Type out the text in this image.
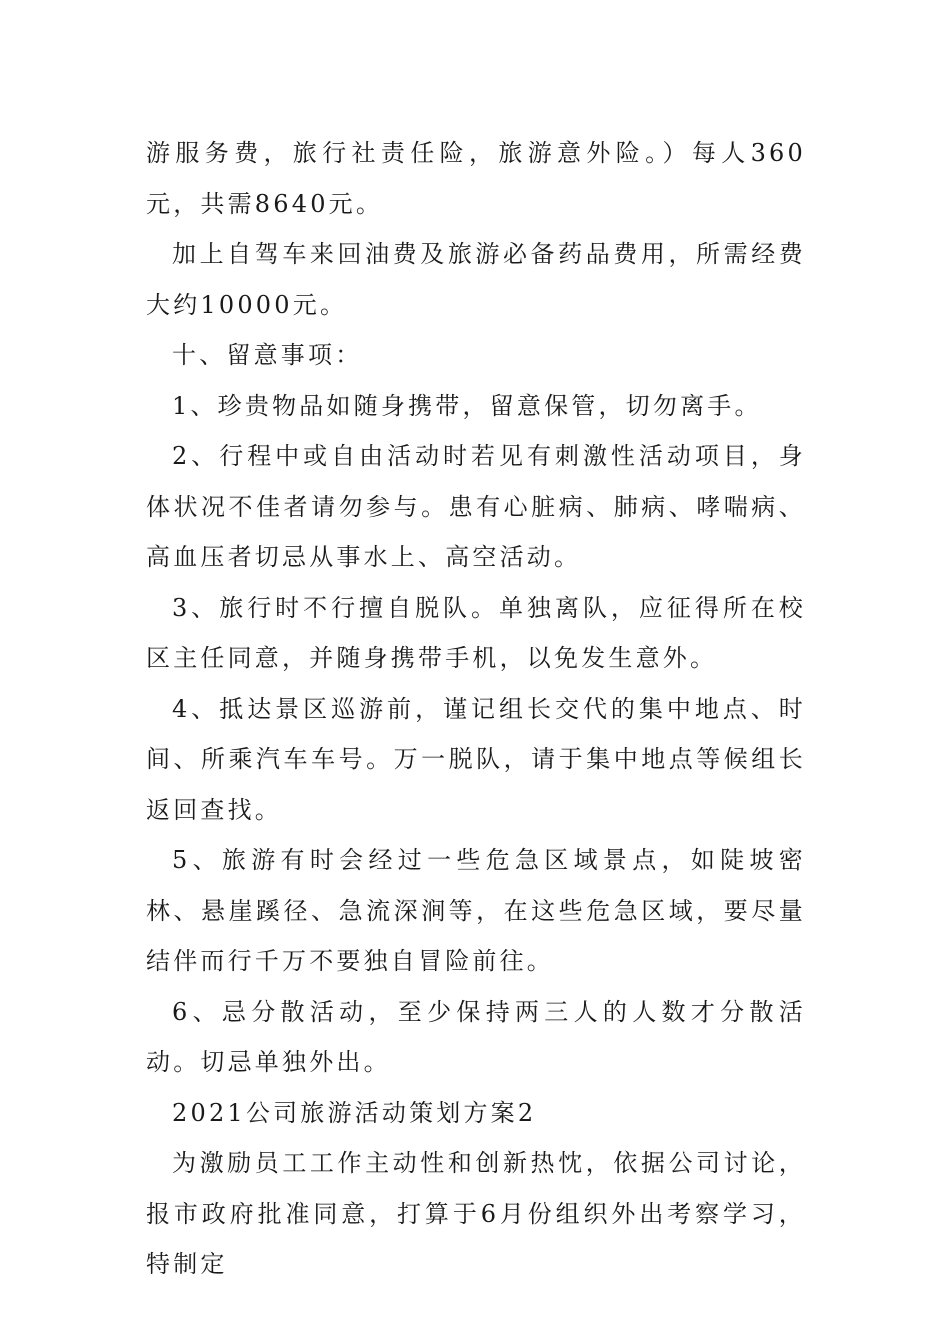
游服务费，旅行社责任险，旅游意外险。）每人360元，共需8640元。

加上自驾车来回油费及旅游必备药品费用，所需经费大约10000元。

十、留意事项：

1、珍贵物品如随身携带，留意保管，切勿离手。

2、行程中或自由活动时若见有刺激性活动项目，身体状况不佳者请勿参与。患有心脏病、肺病、哮喘病、高血压者切忌从事水上、高空活动。

3、旅行时不行擅自脱队。单独离队，应征得所在校区主任同意，并随身携带手机，以免发生意外。

4、抵达景区巡游前，谨记组长交代的集中地点、时间、所乘汽车车号。万一脱队，请于集中地点等候组长返回查找。

5、旅游有时会经过一些危急区域景点，如陡坡密林、悬崖蹊径、急流深涧等，在这些危急区域，要尽量结伴而行千万不要独自冒险前往。

6、忌分散活动，至少保持两三人的人数才分散活动。切忌单独外出。

2021公司旅游活动策划方案2

为激励员工工作主动性和创新热忱，依据公司讨论，报市政府批准同意，打算于6月份组织外出考察学习，特制定
